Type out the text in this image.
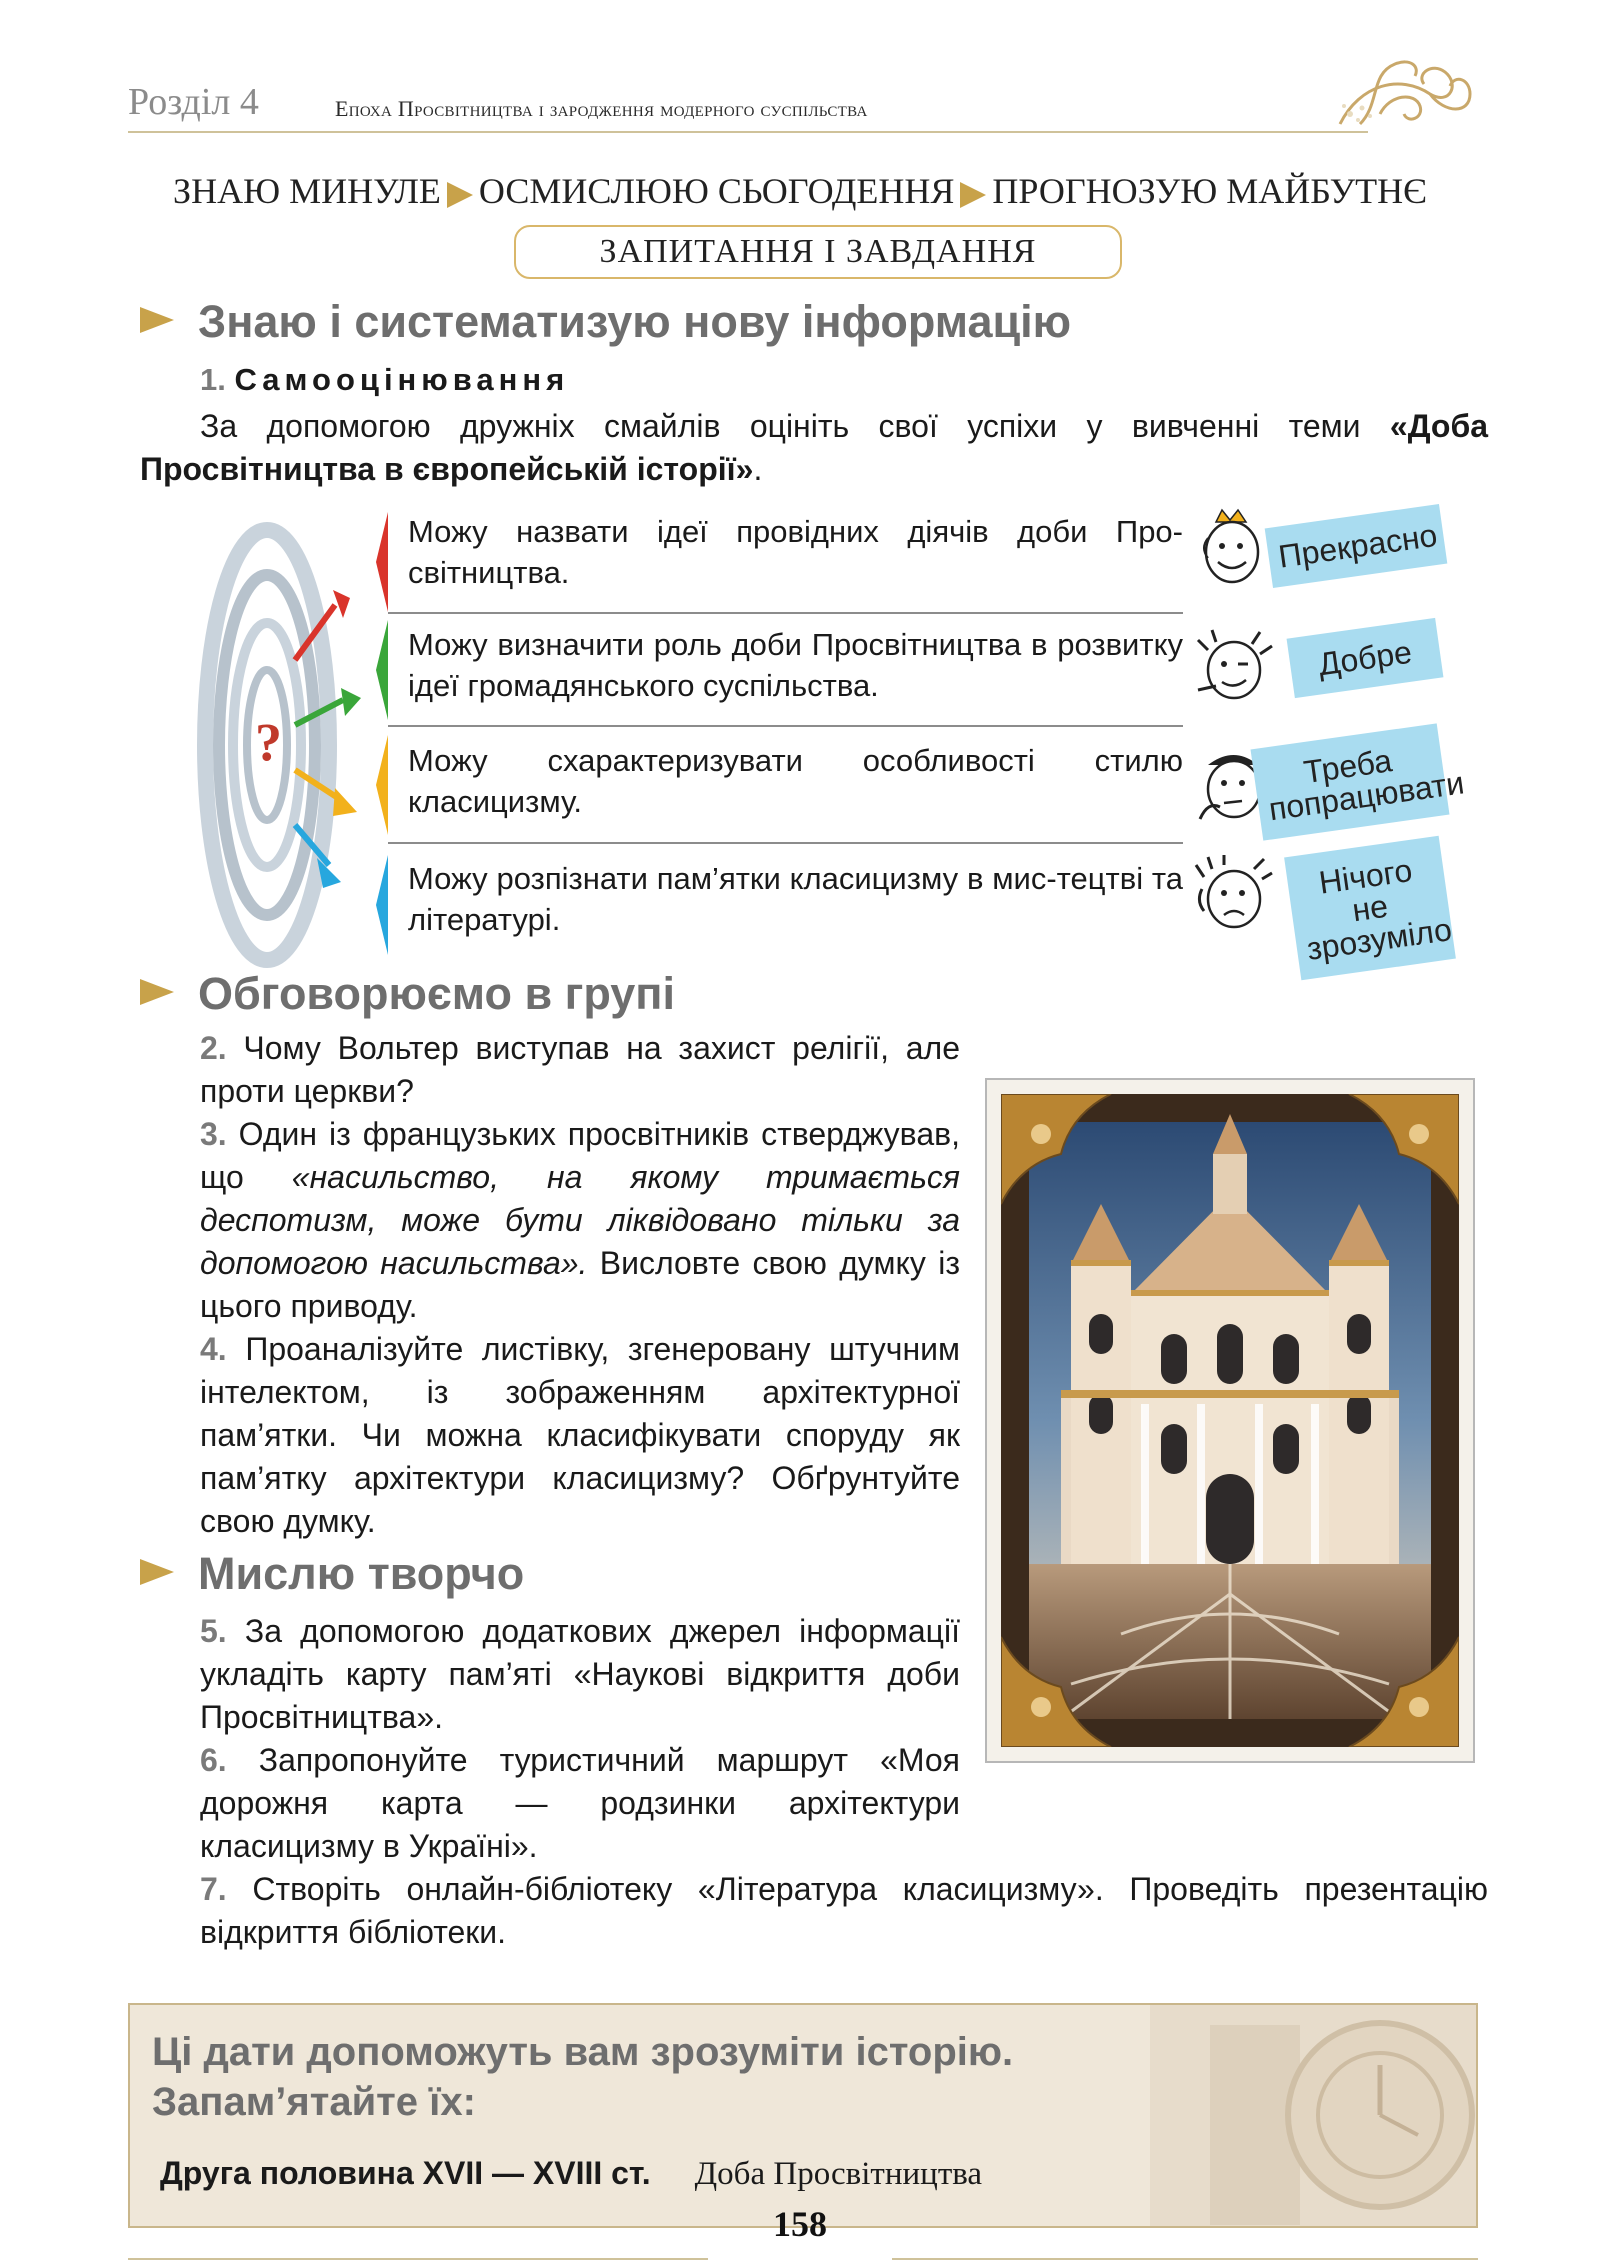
Розділ 4	Епоха Просвітництва і зародження модерного суспільства
ЗНАЮ МИНУЛЕ ОСМИСЛЮЮ СЬОГОДЕННЯ ПРОГНОЗУЮ МАЙБУТНЄ
ЗАПИТАННЯ І ЗАВДАННЯ
Знаю і систематизую нову інформацію
1. Самооцінювання
За допомогою дружніх смайлів оцініть свої успіхи у вивченні теми «Доба Просвітництва в європейській історії».
?
Можу назвати ідеї провідних діячів доби Про-світництва.
Можу визначити роль доби Просвітництва в розвитку ідеї громадянського суспільства.
Можу схарактеризувати особливості стилю класицизму.
Можу розпізнати пам’ятки класицизму в мис-тецтві та літературі.
Прекрасно
Добре
Треба попрацювати
Нічого не зрозуміло
Обговорюємо в групі
2. Чому Вольтер виступав на захист релігії, але проти церкви?
3. Один із французьких просвітників стверджував, що «насильство, на якому тримається деспотизм, може бути ліквідовано тільки за допомогою насильства». Висловте свою думку із цього приводу.
4. Проаналізуйте листівку, згенеровану штучним інтелектом, із зображенням архітектурної пам’ятки. Чи можна класифікувати споруду як пам’ятку архітектури класицизму? Обґрунтуйте свою думку.
Мислю творчо
5. За допомогою додаткових джерел інформації укладіть карту пам’яті «Наукові відкриття доби Просвітництва».
6. Запропонуйте туристичний маршрут «Моя дорожня карта — родзинки архітектури класицизму в Україні».
7. Створіть онлайн-бібліотеку «Література класицизму». Проведіть презентацію відкриття бібліотеки.
Ці дати допоможуть вам зрозуміти історію.
Запам’ятайте їх:
Друга половина XVII — XVIII ст. Доба Просвітництва
158
